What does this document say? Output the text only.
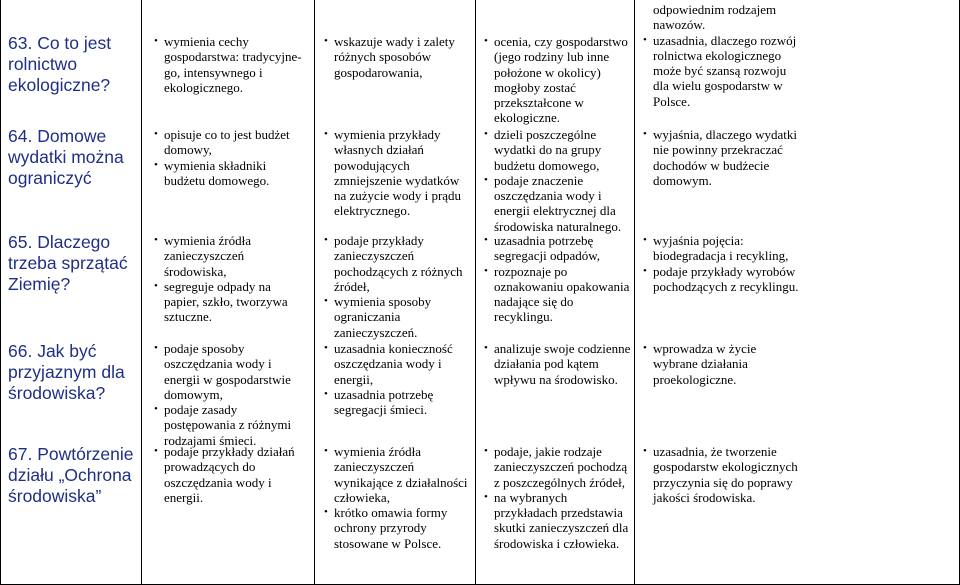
63. Co to jest rolnictwo ekologiczne?
64. Domowe wydatki można ograniczyć
65. Dlaczego trzeba sprzątać Ziemię?
66. Jak być przyjaznym dla środowiska?
67. Powtórzenie działu „Ochrona środowiska”
• wymienia cechy gospodarstwa: tradycyjne-go, intensywnego i ekologicznego.
• opisuje co to jest budżet domowy,
• wymienia składniki budżetu domowego.
• wymienia źródła zanieczyszczeń środowiska,
• segreguje odpady na papier, szkło, tworzywa sztuczne.
• podaje sposoby oszczędzania wody i energii w gospodarstwie domowym,
• podaje zasady postępowania z różnymi rodzajami śmieci.
• podaje przykłady działań prowadzących do oszczędzania wody i energii.
• wskazuje wady i zalety różnych sposobów gospodarowania,
• wymienia przykłady własnych działań powodujących zmniejszenie wydatków na zużycie wody i prądu elektrycznego.
• podaje przykłady zanieczyszczeń pochodzących z różnych źródeł,
• wymienia sposoby ograniczania zanieczyszczeń.
• uzasadnia konieczność oszczędzania wody i energii,
• uzasadnia potrzebę segregacji śmieci.
• wymienia źródła zanieczyszczeń wynikające z działalności człowieka,
• krótko omawia formy ochrony przyrody stosowane w Polsce.
• ocenia, czy gospodarstwo (jego rodziny lub inne położone w okolicy) mogłoby zostać przekształcone w ekologiczne.
• dzieli poszczególne wydatki do na grupy budżetu domowego,
• podaje znaczenie oszczędzania wody i energii elektrycznej dla środowiska naturalnego.
• uzasadnia potrzebę segregacji odpadów,
• rozpoznaje po oznakowaniu opakowania nadające się do recyklingu.
• analizuje swoje codzienne działania pod kątem wpływu na środowisko.
• podaje, jakie rodzaje zanieczyszczeń pochodzą z poszczególnych źródeł,
• na wybranych przykładach przedstawia skutki zanieczyszczeń dla środowiska i człowieka.
odpowiednim rodzajem nawozów.
• uzasadnia, dlaczego rozwój rolnictwa ekologicznego może być szansą rozwoju dla wielu gospodarstw w Polsce.
• wyjaśnia, dlaczego wydatki nie powinny przekraczać dochodów w budżecie domowym.
• wyjaśnia pojęcia: biodegradacja i recykling,
• podaje przykłady wyrobów pochodzących z recyklingu.
• wprowadza w życie wybrane działania proekologiczne.
• uzasadnia, że tworzenie gospodarstw ekologicznych przyczynia się do poprawy jakości środowiska.
